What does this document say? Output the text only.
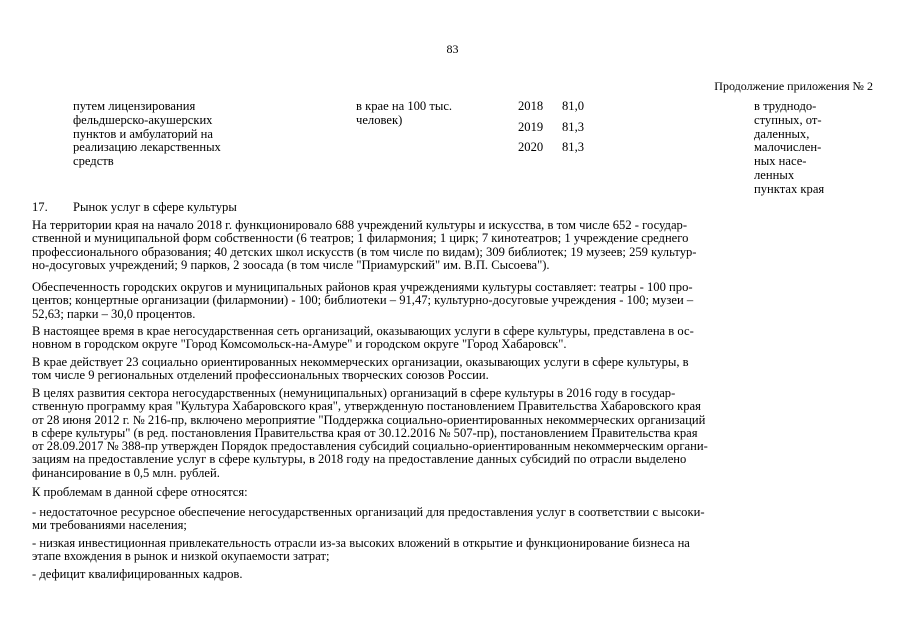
83
Продолжение приложения № 2
путем лицензирования
фельдшерско-акушерских
пунктов и амбулаторий на
реализацию лекарственных
средств
в крае на 100 тыс.
человек)
2018
2019
2020
81,0
81,3
81,3
в труднодо-
ступных, от-
даленных,
малочислен-
ных насе-
ленных
пунктах края
17. Рынок услуг в сфере культуры
На территории края на начало 2018 г. функционировало 688 учреждений культуры и искусства, в том числе 652 - государ-
ственной и муниципальной форм собственности (6 театров; 1 филармония; 1 цирк; 7 кинотеатров; 1 учреждение среднего
профессионального образования; 40 детских школ искусств (в том числе по видам); 309 библиотек; 19 музеев; 259 культур-
но-досуговых учреждений; 9 парков, 2 зоосада (в том числе "Приамурский" им. В.П. Сысоева").
Обеспеченность городских округов и муниципальных районов края учреждениями культуры составляет: театры - 100 про-
центов; концертные организации (филармонии) - 100; библиотеки – 91,47; культурно-досуговые учреждения - 100; музеи –
52,63; парки – 30,0 процентов.
В настоящее время в крае негосударственная сеть организаций, оказывающих услуги в сфере культуры, представлена в ос-
новном в городском округе "Город Комсомольск-на-Амуре" и городском округе "Город Хабаровск".
В крае действует 23 социально ориентированных некоммерческих организации, оказывающих услуги в сфере культуры, в
том числе 9 региональных отделений профессиональных творческих союзов России.
В целях развития сектора негосударственных (немуниципальных) организаций в сфере культуры в 2016 году в государ-
ственную программу края "Культура Хабаровского края", утвержденную постановлением Правительства Хабаровского края
от 28 июня 2012 г. № 216-пр, включено мероприятие "Поддержка социально-ориентированных некоммерческих организаций
в сфере культуры" (в ред. постановления Правительства края от 30.12.2016 № 507-пр), постановлением Правительства края
от 28.09.2017 № 388-пр утвержден Порядок предоставления субсидий социально-ориентированным некоммерческим органи-
зациям на предоставление услуг в сфере культуры, в 2018 году на предоставление данных субсидий по отрасли выделено
финансирование в 0,5 млн. рублей.
К проблемам в данной сфере относятся:
- недостаточное ресурсное обеспечение негосударственных организаций для предоставления услуг в соответствии с высоки-
ми требованиями населения;
- низкая инвестиционная привлекательность отрасли из-за высоких вложений в открытие и функционирование бизнеса на
этапе вхождения в рынок и низкой окупаемости затрат;
- дефицит квалифицированных кадров.
